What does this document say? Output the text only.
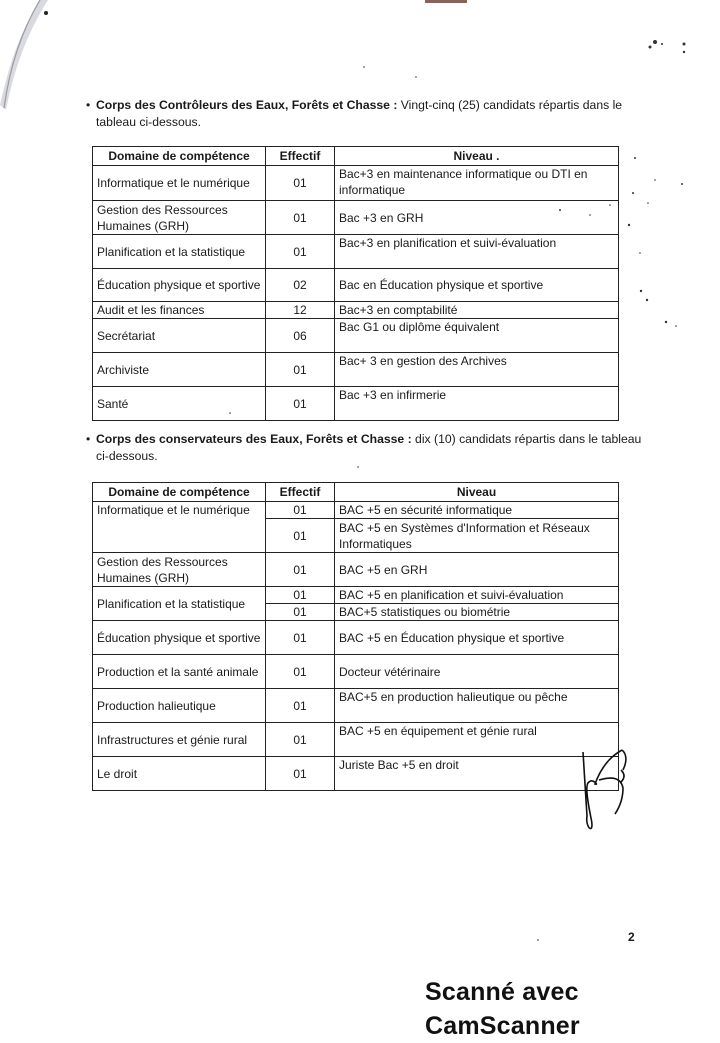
• Corps des Contrôleurs des Eaux, Forêts et Chasse : Vingt-cinq (25) candidats répartis dans le tableau ci-dessous.
Domaine de compétence	Effectif	Niveau .
Informatique et le numérique	01	Bac+3 en maintenance informatique ou DTI en informatique
Gestion des Ressources Humaines (GRH)	01	Bac +3 en GRH
Planification et la statistique	01	Bac+3 en planification et suivi-évaluation
Éducation physique et sportive	02	Bac en Éducation physique et sportive
Audit et les finances	12	Bac+3 en comptabilité
Secrétariat	06	Bac G1 ou diplôme équivalent
Archiviste	01	Bac+ 3 en gestion des Archives
Santé	01	Bac +3 en infirmerie
• Corps des conservateurs des Eaux, Forêts et Chasse : dix (10) candidats répartis dans le tableau ci-dessous.
Domaine de compétence	Effectif	Niveau
Informatique et le numérique	01	BAC +5 en sécurité informatique
	01	BAC +5 en Systèmes d'Information et Réseaux Informatiques
Gestion des Ressources Humaines (GRH)	01	BAC +5 en GRH
Planification et la statistique	01	BAC +5 en planification et suivi-évaluation
	01	BAC+5 statistiques ou biométrie
Éducation physique et sportive	01	BAC +5 en Éducation physique et sportive
Production et la santé animale	01	Docteur vétérinaire
Production halieutique	01	BAC+5 en production halieutique ou pêche
Infrastructures et génie rural	01	BAC +5 en équipement et génie rural
Le droit	01	Juriste Bac +5 en droit
2
Scanné avec CamScanner
